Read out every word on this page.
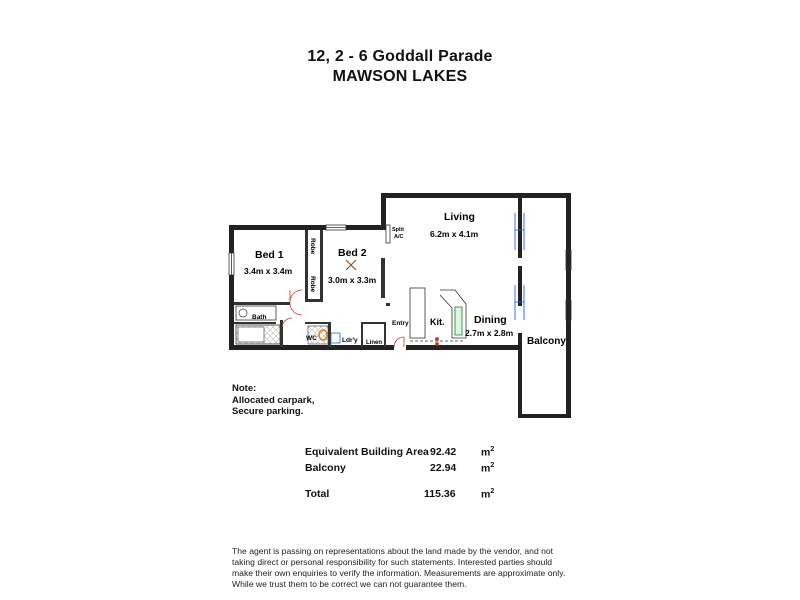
12, 2 - 6 Goddall Parade
MAWSON LAKES
Living
6.2m x 4.1m
Bed 1
3.4m x 3.4m
Bed 2
3.0m x 3.3m
Dining
2.7m x 2.8m
Kit.
Balcony
Bath
WC	Ldr'y Linen
Entry
Split
A/C
Robe
Robe
Note:
Allocated carpark,
Secure parking.
Equivalent Building Area 92.42 $m^2$
Balcony	22.94 $m^2$
Total	115.36 $m^2$
The agent is passing on representations about the land made by the vendor, and not taking direct or personal responsibility for such statements. Interested parties should make their own enquiries to verify the information. Measurements are approximate only. While we trust them to be correct we can not guarantee them.
